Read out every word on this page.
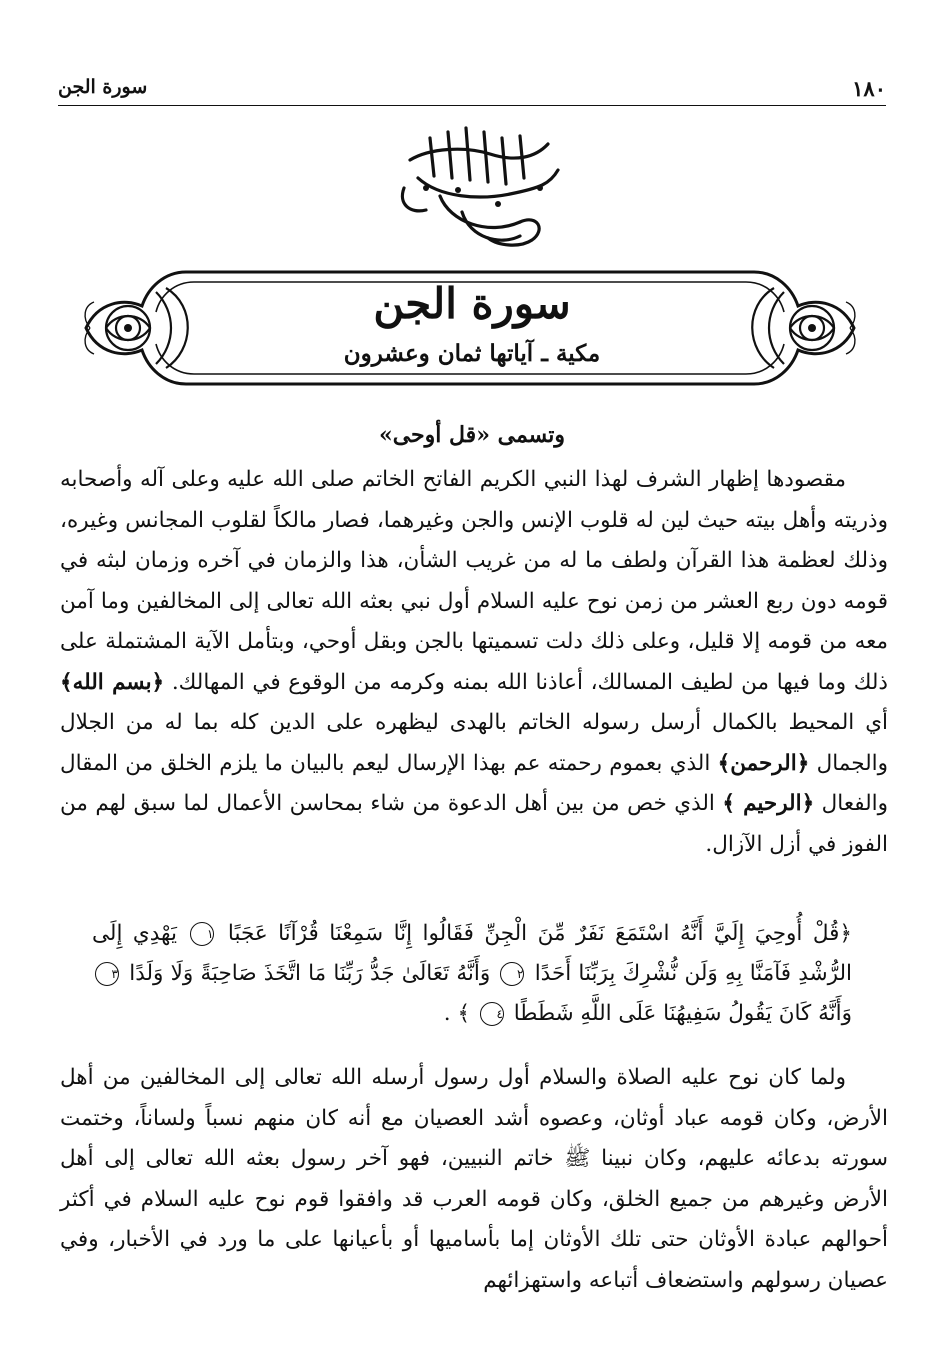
١٨٠
سورة الجن
سورة الجن
مكية ـ آياتها ثمان وعشرون
وتسمى «قل أوحى»

مقصودها إظهار الشرف لهذا النبي الكريم الفاتح الخاتم صلى الله عليه وعلى آله وأصحابه وذريته وأهل بيته حيث لين له قلوب الإنس والجن وغيرهما، فصار مالكاً لقلوب المجانس وغيره، وذلك لعظمة هذا القرآن ولطف ما له من غريب الشأن، هذا والزمان في آخره وزمان لبثه في قومه دون ربع العشر من زمن نوح عليه السلام أول نبي بعثه الله تعالى إلى المخالفين وما آمن معه من قومه إلا قليل، وعلى ذلك دلت تسميتها بالجن وبقل أوحي، وبتأمل الآية المشتملة على ذلك وما فيها من لطيف المسالك، أعاذنا الله بمنه وكرمه من الوقوع في المهالك. ﴿بسم الله﴾ أي المحيط بالكمال أرسل رسوله الخاتم بالهدى ليظهره على الدين كله بما له من الجلال والجمال ﴿الرحمن﴾ الذي بعموم رحمته عم بهذا الإرسال ليعم بالبيان ما يلزم الخلق من المقال والفعال ﴿الرحيم ﴾ الذي خص من بين أهل الدعوة من شاء بمحاسن الأعمال لما سبق لهم من الفوز في أزل الآزال.

﴿قُلْ أُوحِيَ إِلَيَّ أَنَّهُ اسْتَمَعَ نَفَرٌ مِّنَ الْجِنِّ فَقَالُوا إِنَّا سَمِعْنَا قُرْآنًا عَجَبًا ١ يَهْدِي إِلَى الرُّشْدِ فَآمَنَّا بِهِ وَلَن نُّشْرِكَ بِرَبِّنَا أَحَدًا ٢ وَأَنَّهُ تَعَالَىٰ جَدُّ رَبِّنَا مَا اتَّخَذَ صَاحِبَةً وَلَا وَلَدًا ٣ وَأَنَّهُ كَانَ يَقُولُ سَفِيهُنَا عَلَى اللَّهِ شَطَطًا ٤ ﴾ .

ولما كان نوح عليه الصلاة والسلام أول رسول أرسله الله تعالى إلى المخالفين من أهل الأرض، وكان قومه عباد أوثان، وعصوه أشد العصيان مع أنه كان منهم نسباً ولساناً، وختمت سورته بدعائه عليهم، وكان نبينا ﷺ خاتم النبيين، فهو آخر رسول بعثه الله تعالى إلى أهل الأرض وغيرهم من جميع الخلق، وكان قومه العرب قد وافقوا قوم نوح عليه السلام في أكثر أحوالهم عبادة الأوثان حتى تلك الأوثان إما بأساميها أو بأعيانها على ما ورد في الأخبار، وفي عصيان رسولهم واستضعاف أتباعه واستهزائهم
